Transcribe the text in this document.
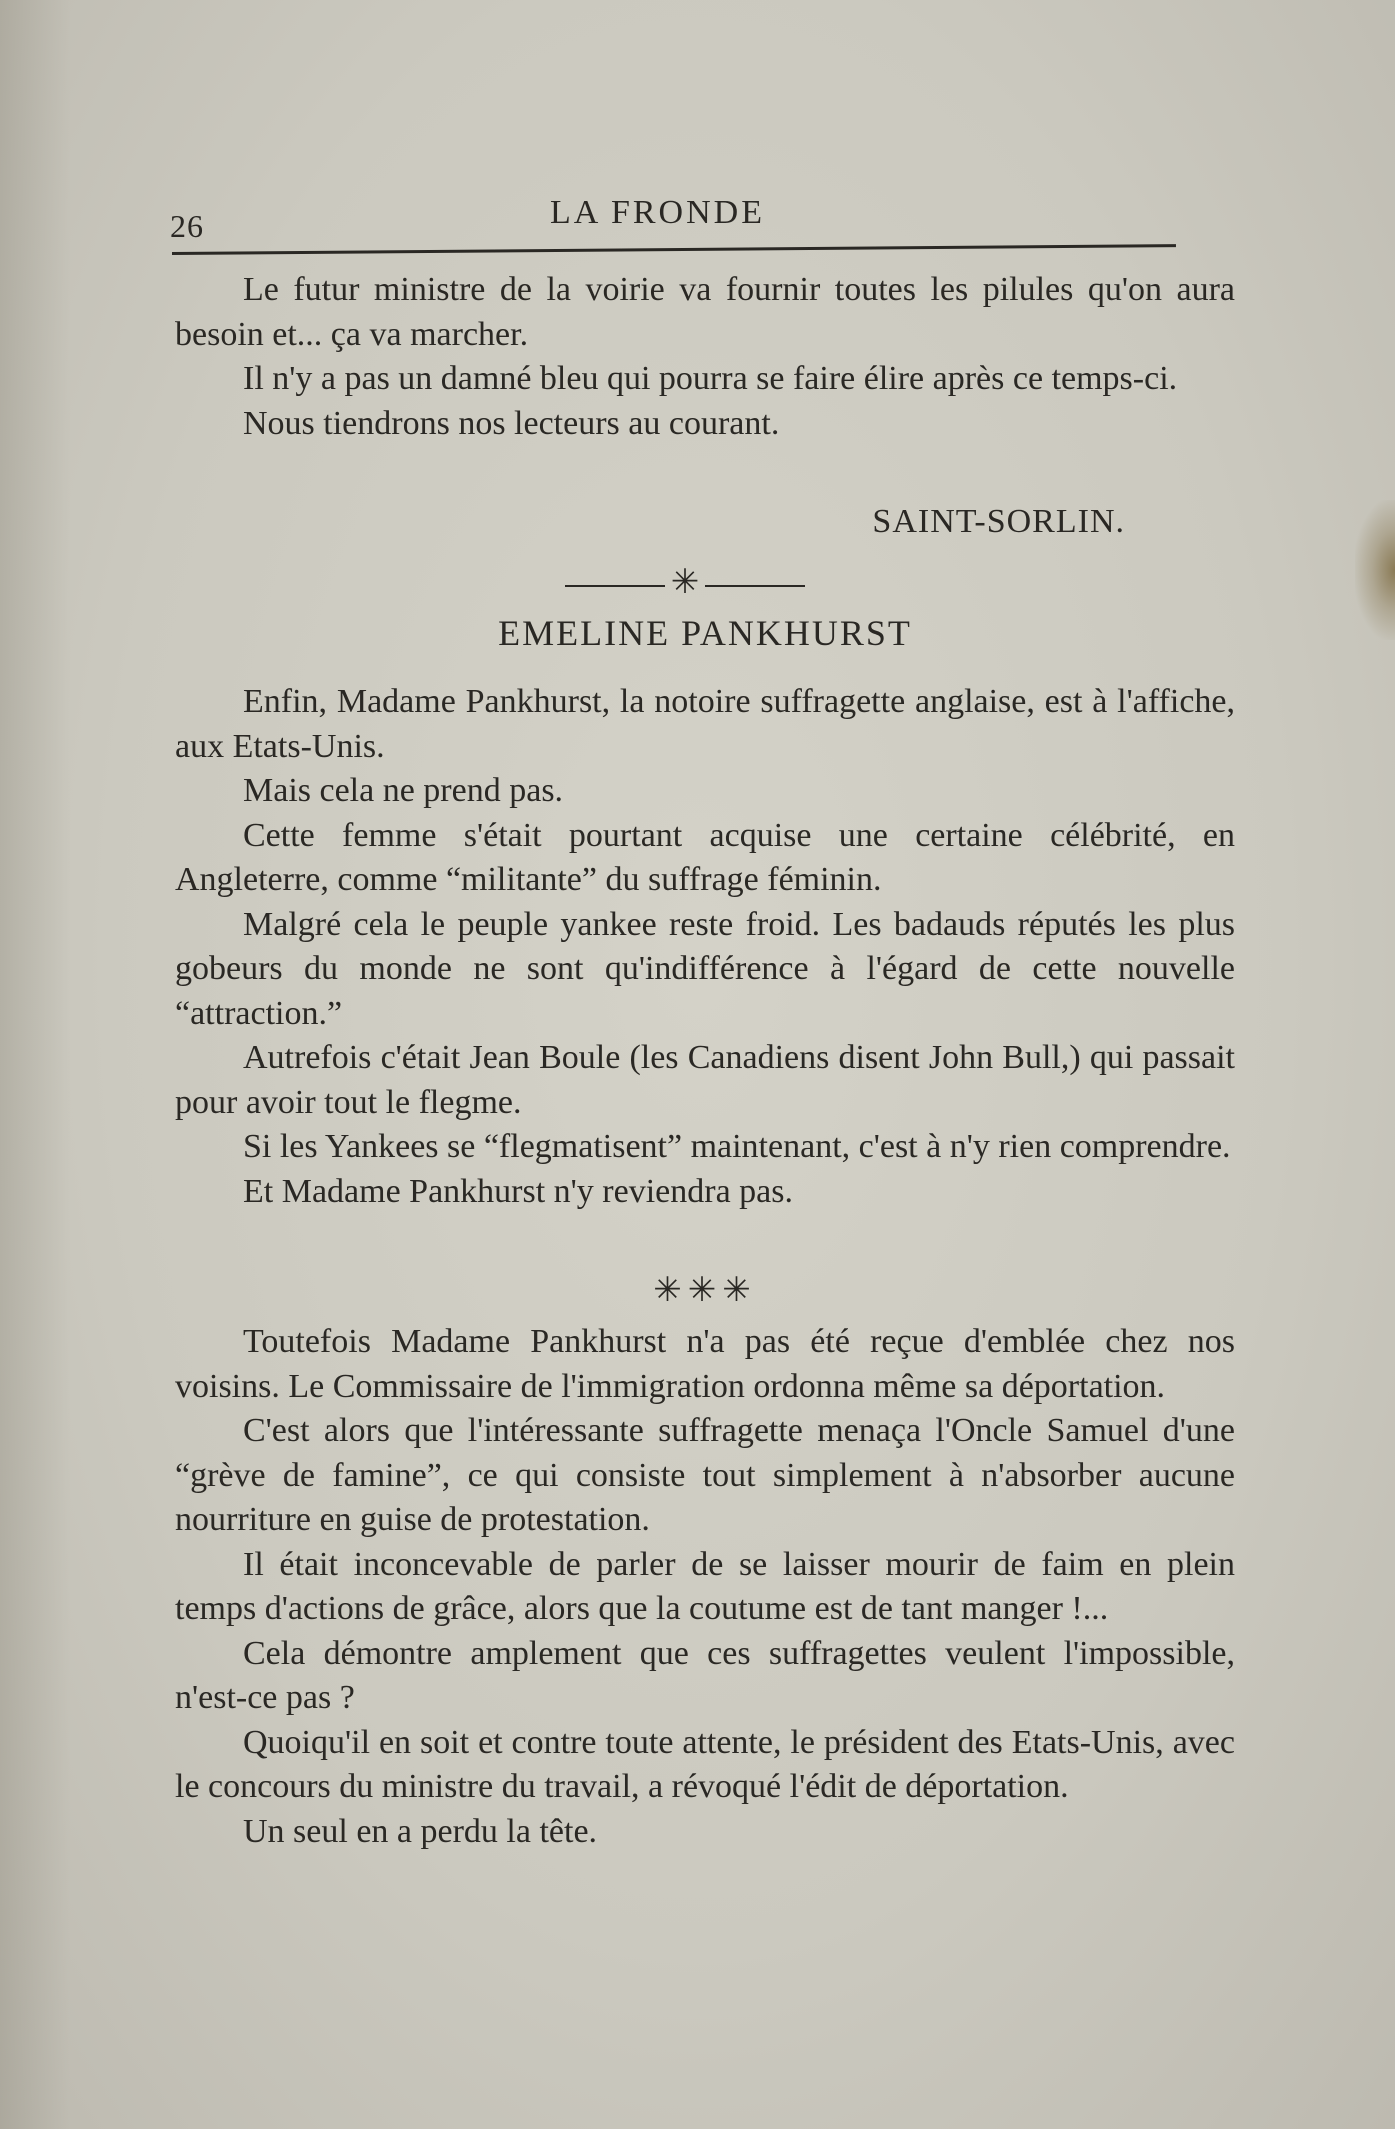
26	LA FRONDE

Le futur ministre de la voirie va fournir toutes les pilules qu'on aura besoin et... ça va marcher.

Il n'y a pas un damné bleu qui pourra se faire élire après ce temps-ci.

Nous tiendrons nos lecteurs au courant.

SAINT-SORLIN.
✳
EMELINE PANKHURST

Enfin, Madame Pankhurst, la notoire suffragette anglaise, est à l'affiche, aux Etats-Unis.

Mais cela ne prend pas.

Cette femme s'était pourtant acquise une certaine célébrité, en Angleterre, comme “militante” du suffrage féminin.

Malgré cela le peuple yankee reste froid. Les badauds réputés les plus gobeurs du monde ne sont qu'indifférence à l'égard de cette nouvelle “attraction.”

Autrefois c'était Jean Boule (les Canadiens disent John Bull,) qui passait pour avoir tout le flegme.

Si les Yankees se “flegmatisent” maintenant, c'est à n'y rien comprendre.

Et Madame Pankhurst n'y reviendra pas.

✳✳✳

Toutefois Madame Pankhurst n'a pas été reçue d'emblée chez nos voisins. Le Commissaire de l'immigration ordonna même sa déportation.

C'est alors que l'intéressante suffragette menaça l'Oncle Samuel d'une “grève de famine”, ce qui consiste tout simplement à n'absorber aucune nourriture en guise de protestation.

Il était inconcevable de parler de se laisser mourir de faim en plein temps d'actions de grâce, alors que la coutume est de tant manger !...

Cela démontre amplement que ces suffragettes veulent l'impossible, n'est-ce pas ?

Quoiqu'il en soit et contre toute attente, le président des Etats-Unis, avec le concours du ministre du travail, a révoqué l'édit de déportation.

Un seul en a perdu la tête.
